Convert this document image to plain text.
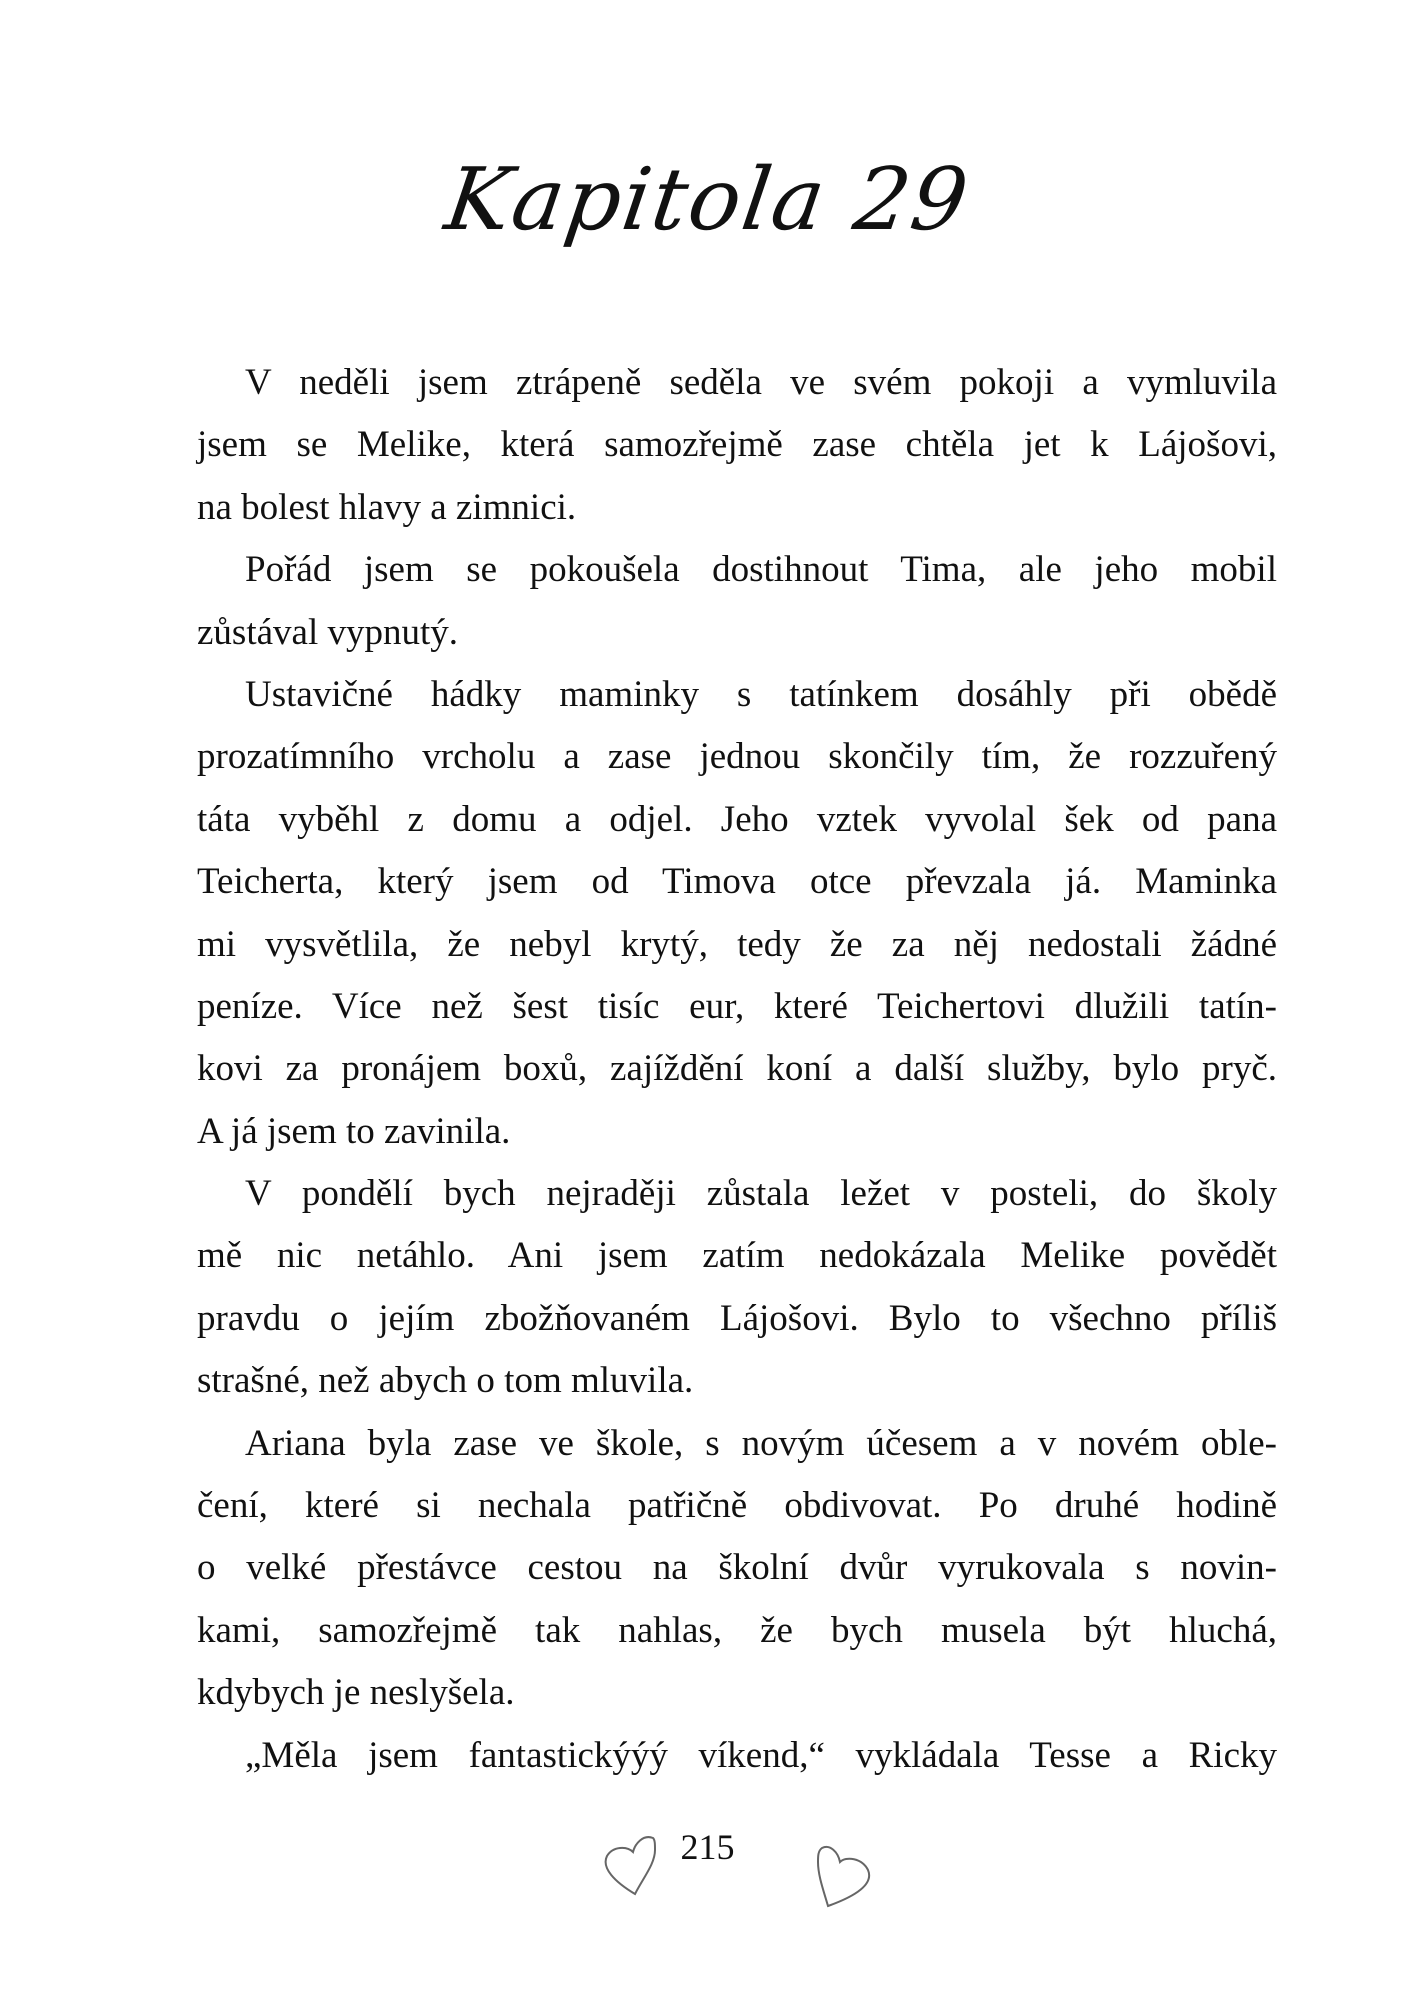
Kapitola 29
V neděli jsem ztrápeně seděla ve svém pokoji a vymluvila
jsem se Melike, která samozřejmě zase chtěla jet k Lájošovi,
na bolest hlavy a zimnici.
Pořád jsem se pokoušela dostihnout Tima, ale jeho mobil
zůstával vypnutý.
Ustavičné hádky maminky s tatínkem dosáhly při obědě
prozatímního vrcholu a zase jednou skončily tím, že rozzuřený
táta vyběhl z domu a odjel. Jeho vztek vyvolal šek od pana
Teicherta, který jsem od Timova otce převzala já. Maminka
mi vysvětlila, že nebyl krytý, tedy že za něj nedostali žádné
peníze. Více než šest tisíc eur, které Teichertovi dlužili tatín-
kovi za pronájem boxů, zajíždění koní a další služby, bylo pryč.
A já jsem to zavinila.
V pondělí bych nejraději zůstala ležet v posteli, do školy
mě nic netáhlo. Ani jsem zatím nedokázala Melike povědět
pravdu o jejím zbožňovaném Lájošovi. Bylo to všechno příliš
strašné, než abych o tom mluvila.
Ariana byla zase ve škole, s novým účesem a v novém oble-
čení, které si nechala patřičně obdivovat. Po druhé hodině
o velké přestávce cestou na školní dvůr vyrukovala s novin-
kami, samozřejmě tak nahlas, že bych musela být hluchá,
kdybych je neslyšela.
„Měla jsem fantastickýýý víkend,“ vykládala Tesse a Ricky
215
